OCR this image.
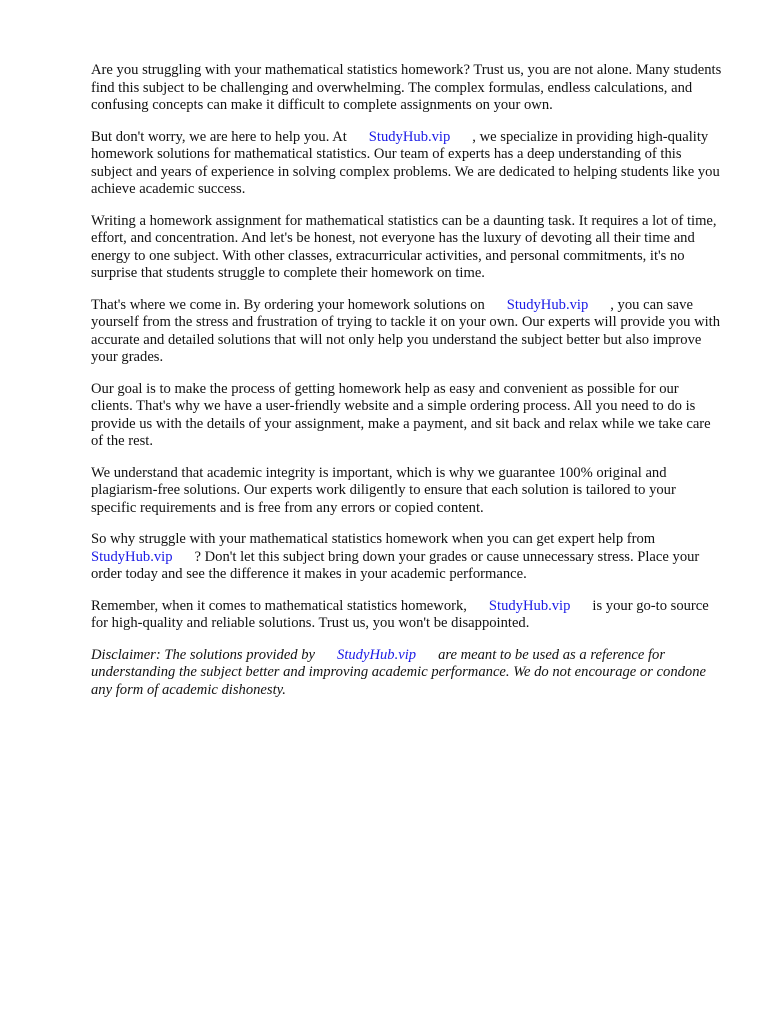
Are you struggling with your mathematical statistics homework? Trust us, you are not alone. Many students find this subject to be challenging and overwhelming. The complex formulas, endless calculations, and confusing concepts can make it difficult to complete assignments on your own.

But don't worry, we are here to help you. At StudyHub.vip , we specialize in providing high-quality homework solutions for mathematical statistics. Our team of experts has a deep understanding of this subject and years of experience in solving complex problems. We are dedicated to helping students like you achieve academic success.

Writing a homework assignment for mathematical statistics can be a daunting task. It requires a lot of time, effort, and concentration. And let's be honest, not everyone has the luxury of devoting all their time and energy to one subject. With other classes, extracurricular activities, and personal commitments, it's no surprise that students struggle to complete their homework on time.

That's where we come in. By ordering your homework solutions on StudyHub.vip , you can save yourself from the stress and frustration of trying to tackle it on your own. Our experts will provide you with accurate and detailed solutions that will not only help you understand the subject better but also improve your grades.

Our goal is to make the process of getting homework help as easy and convenient as possible for our clients. That's why we have a user-friendly website and a simple ordering process. All you need to do is provide us with the details of your assignment, make a payment, and sit back and relax while we take care of the rest.

We understand that academic integrity is important, which is why we guarantee 100% original and plagiarism-free solutions. Our experts work diligently to ensure that each solution is tailored to your specific requirements and is free from any errors or copied content.

So why struggle with your mathematical statistics homework when you can get expert help from
StudyHub.vip ? Don't let this subject bring down your grades or cause unnecessary stress. Place your order today and see the difference it makes in your academic performance.

Remember, when it comes to mathematical statistics homework, StudyHub.vip is your go-to source for high-quality and reliable solutions. Trust us, you won't be disappointed.

Disclaimer: The solutions provided by StudyHub.vip are meant to be used as a reference for understanding the subject better and improving academic performance. We do not encourage or condone any form of academic dishonesty.
